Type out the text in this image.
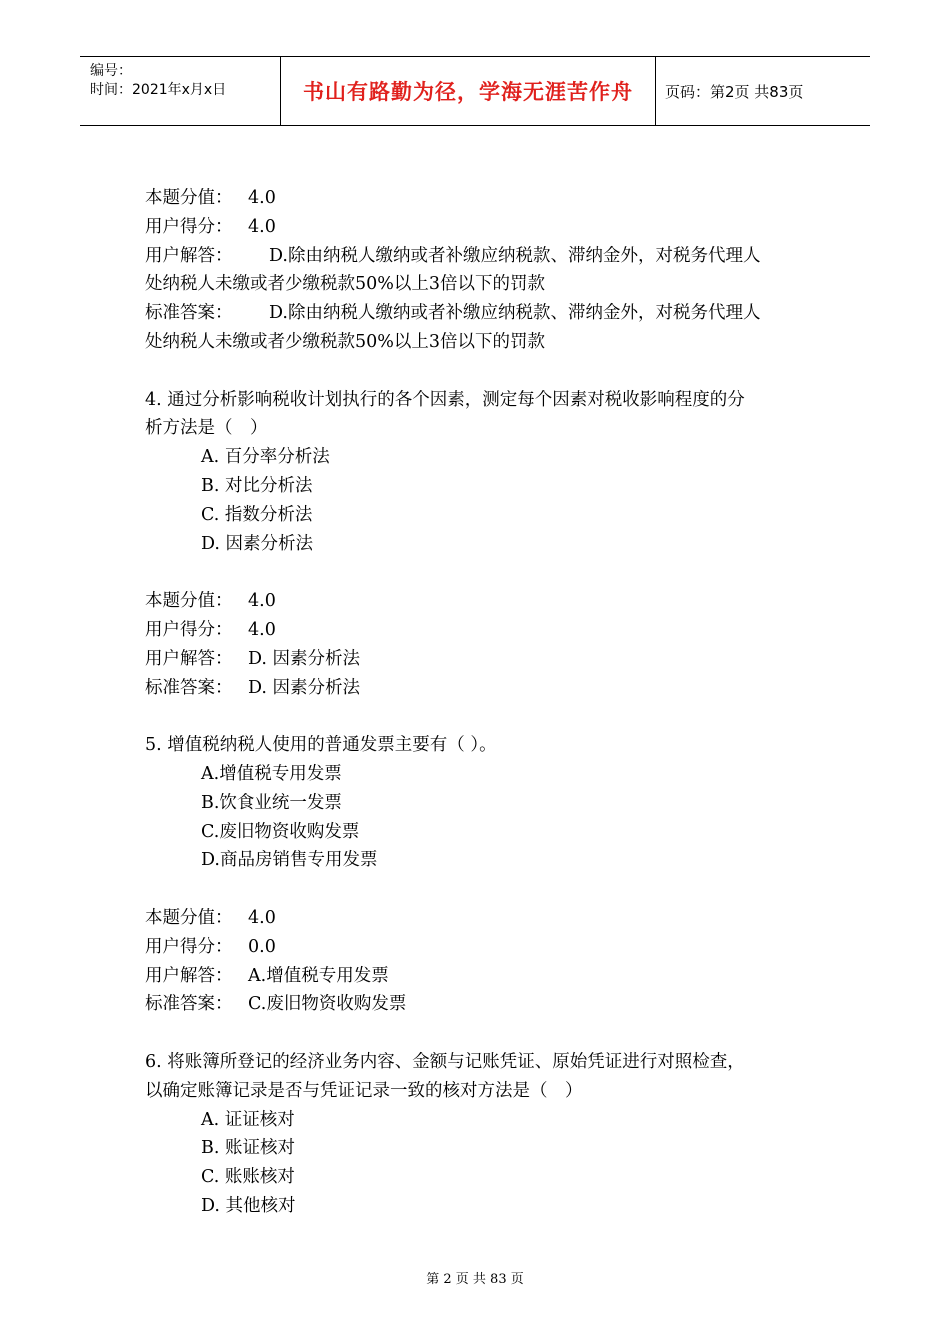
编号：
时间：2021年x月x日	书山有路勤为径，学海无涯苦作舟 页码：第2页 共83页
本题分值： 4.0
用户得分： 4.0
用户解答： D.除由纳税人缴纳或者补缴应纳税款、滞纳金外，对税务代理人
处纳税人未缴或者少缴税款50%以上3倍以下的罚款
标准答案： D.除由纳税人缴纳或者补缴应纳税款、滞纳金外，对税务代理人
处纳税人未缴或者少缴税款50%以上3倍以下的罚款
4. 通过分析影响税收计划执行的各个因素，测定每个因素对税收影响程度的分
析方法是（　）
A. 百分率分析法
B. 对比分析法
C. 指数分析法
D. 因素分析法
本题分值： 4.0
用户得分： 4.0
用户解答： D. 因素分析法
标准答案： D. 因素分析法
5. 增值税纳税人使用的普通发票主要有（ ）。
A.增值税专用发票
B.饮食业统一发票
C.废旧物资收购发票
D.商品房销售专用发票
本题分值： 4.0
用户得分： 0.0
用户解答： A.增值税专用发票
标准答案： C.废旧物资收购发票
6. 将账簿所登记的经济业务内容、金额与记账凭证、原始凭证进行对照检查，
以确定账簿记录是否与凭证记录一致的核对方法是（　）
A. 证证核对
B. 账证核对
C. 账账核对
D. 其他核对
第 2 页 共 83 页
